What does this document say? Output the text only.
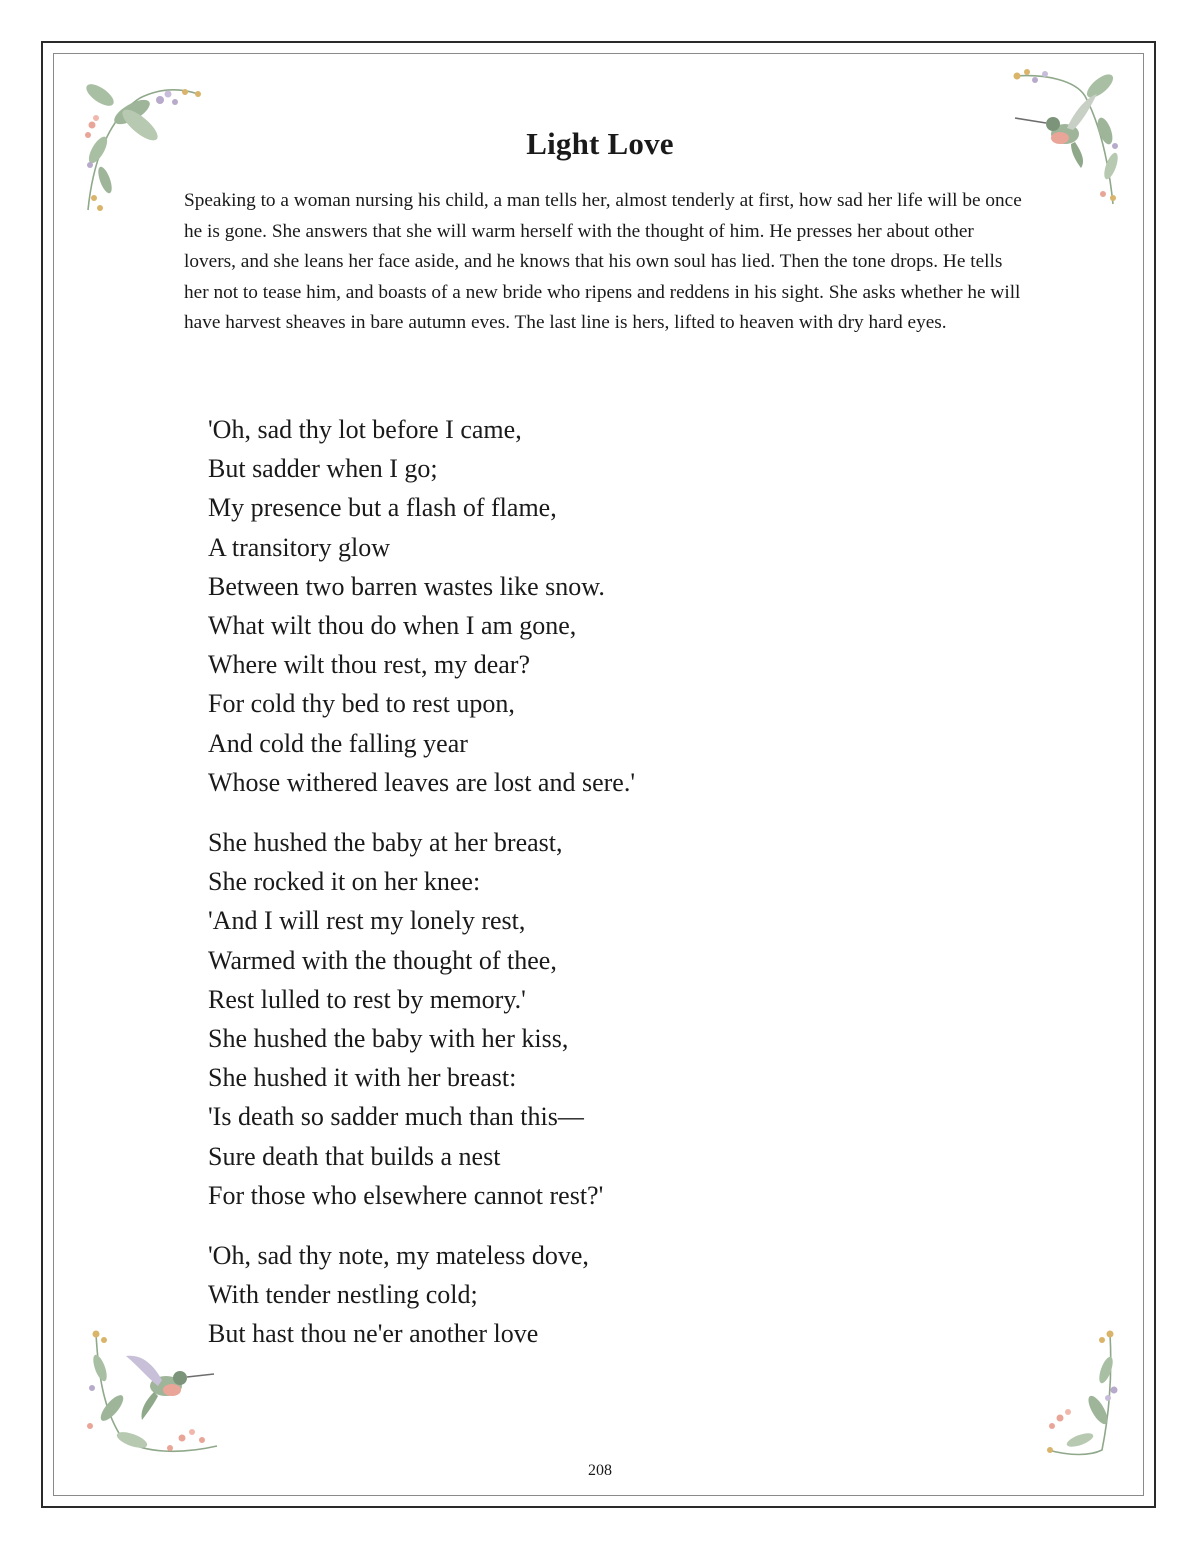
Light Love

Speaking to a woman nursing his child, a man tells her, almost tenderly at first, how sad her life will be once he is gone. She answers that she will warm herself with the thought of him. He presses her about other lovers, and she leans her face aside, and he knows that his own soul has lied. Then the tone drops. He tells her not to tease him, and boasts of a new bride who ripens and reddens in his sight. She asks whether he will have harvest sheaves in bare autumn eves. The last line is hers, lifted to heaven with dry hard eyes.

'Oh, sad thy lot before I came,
But sadder when I go;
My presence but a flash of flame,
A transitory glow
Between two barren wastes like snow.
What wilt thou do when I am gone,
Where wilt thou rest, my dear?
For cold thy bed to rest upon,
And cold the falling year
Whose withered leaves are lost and sere.'
She hushed the baby at her breast,
She rocked it on her knee:
'And I will rest my lonely rest,
Warmed with the thought of thee,
Rest lulled to rest by memory.'
She hushed the baby with her kiss,
She hushed it with her breast:
'Is death so sadder much than this—
Sure death that builds a nest
For those who elsewhere cannot rest?'
'Oh, sad thy note, my mateless dove,
With tender nestling cold;
But hast thou ne'er another love
208
